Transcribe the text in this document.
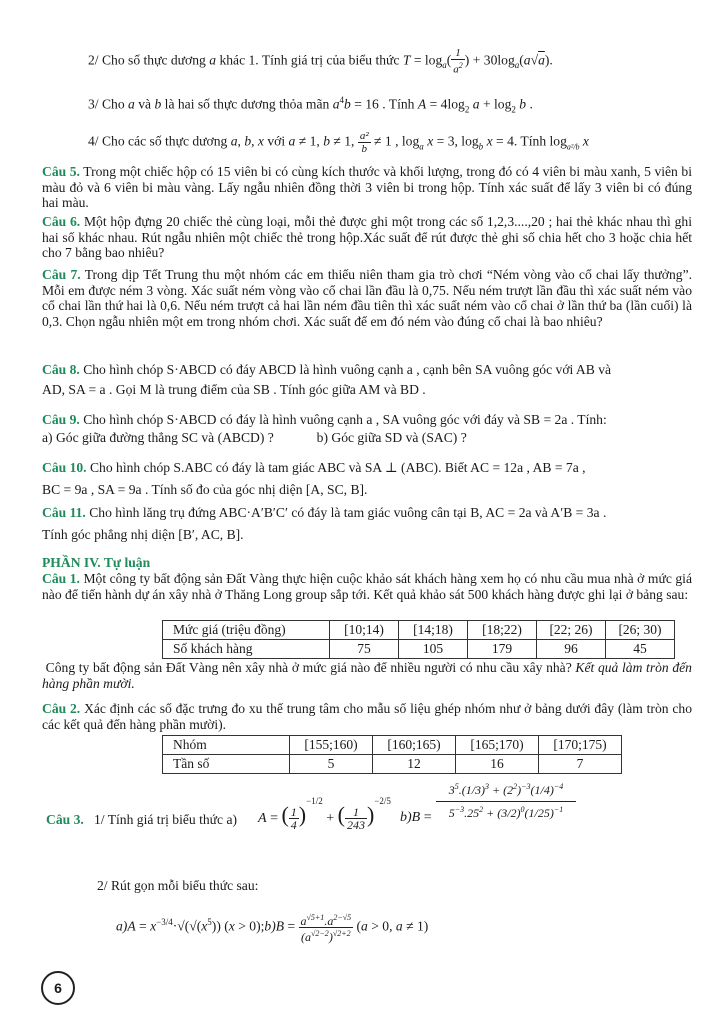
2/ Cho số thực dương a khác 1. Tính giá trị của biểu thức $T = \log_a( \frac{1}{a^2}$ ) + $30\log_a(a√a)$.
3/ Cho a và b là hai số thực dương thỏa mãn $a^4b = 16$ . Tính $A = 4\log_2$ $a + \log_2 b$ .
4/ Cho các số thực dương a, b, x với a ≠ 1, b ≠ 1, $\frac{\text{a²}}{b} \ne 1$ , $\log_a x = 3$, $\log_b x = 4$. Tính $\log_{a^2/b} x$
Câu 5. Trong một chiếc hộp có 15 viên bi có cùng kích thước và khối lượng, trong đó có 4 viên bi màu xanh, 5 viên bi màu đỏ và 6 viên bi màu vàng. Lấy ngẫu nhiên đồng thời 3 viên bi trong hộp. Tính xác suất để lấy 3 viên bi có đúng hai màu.
Câu 6. Một hộp đựng 20 chiếc thẻ cùng loại, mỗi thẻ được ghi một trong các số 1,2,3....,20 ; hai thẻ khác nhau thì ghi hai số khác nhau. Rút ngẫu nhiên một chiếc thẻ trong hộp.Xác suất để rút được thẻ ghi số chia hết cho 3 hoặc chia hết cho 7 bằng bao nhiêu?
Câu 7. Trong dịp Tết Trung thu một nhóm các em thiếu niên tham gia trò chơi “Ném vòng vào cổ chai lấy thưởng”. Mỗi em được ném 3 vòng. Xác suất ném vòng vào cổ chai lần đầu là 0,75. Nếu ném trượt lần đầu thì xác suất ném vào cổ chai lần thứ hai là 0,6. Nếu ném trượt cả hai lần ném đầu tiên thì xác suất ném vào cổ chai ở lần thứ ba (lần cuối) là 0,3. Chọn ngẫu nhiên một em trong nhóm chơi. Xác suất để em đó ném vào đúng cổ chai là bao nhiêu?
Câu 8. Cho hình chóp S·ABCD có đáy ABCD là hình vuông cạnh a , cạnh bên SA vuông góc với AB và
AD, SA = a . Gọi M là trung điểm của SB . Tính góc giữa AM và BD .
Câu 9. Cho hình chóp S·ABCD có đáy là hình vuông cạnh a , SA vuông góc với đáy và SB = 2a . Tính:
a) Góc giữa đường thẳng SC và (ABCD) ?	b) Góc giữa SD và (SAC) ?
Câu 10. Cho hình chóp S.ABC có đáy là tam giác ABC và SA ⊥ (ABC). Biết AC = 12a , AB = 7a ,
BC = 9a , SA = 9a . Tính số đo của góc nhị diện [A, SC, B].
Câu 11. Cho hình lăng trụ đứng ABC·A′B′C′ có đáy là tam giác vuông cân tại B, AC = 2a và A′B = 3a .
Tính góc phẳng nhị diện [B′, AC, B].
PHẦN IV. Tự luận
Câu 1. Một công ty bất động sản Đất Vàng thực hiện cuộc khảo sát khách hàng xem họ có nhu cầu mua nhà ở mức giá nào để tiến hành dự án xây nhà ở Thăng Long group sắp tới. Kết quả khảo sát 500 khách hàng được ghi lại ở bảng sau:
Mức giá (triệu đồng)	[10;14)	[14;18)	[18;22)	[22; 26)	[26; 30)
Số khách hàng	75	105	179	96	45
Công ty bất động sản Đất Vàng nên xây nhà ở mức giá nào để nhiều người có nhu cầu xây nhà? Kết quả làm tròn đến hàng phần mười.
Câu 2. Xác định các số đặc trưng đo xu thế trung tâm cho mẫu số liệu ghép nhóm như ở bảng dưới đây (làm tròn cho các kết quả đến hàng phần mười).
Nhóm	[155;160)	[160;165)	[165;170)	[170;175)
Tần số	5	12	16	7
Câu 3. 1/ Tính giá trị biểu thức a) A = ( $\frac{1}{4} )^{-1/2}$ + ( $\frac{1}{243} )^{-2/5}$
b)B =
$3^5.(1/3)^3 + (2^2)^{-3}(1/4)^{-4}$
$5^{-3}.25^2 + (3/2)^0(1/25)^{-1}$
2/ Rút gọn mỗi biểu thức sau:
$a)A = x^{-3/4}\cdot√(√(x^5)) (x$ > 0);b)B = $\frac{a^{√5+1}.a^{2-√5}}{(a^{√2-2})^{√2+2}} (a > 0$, a ≠ 1)
6
